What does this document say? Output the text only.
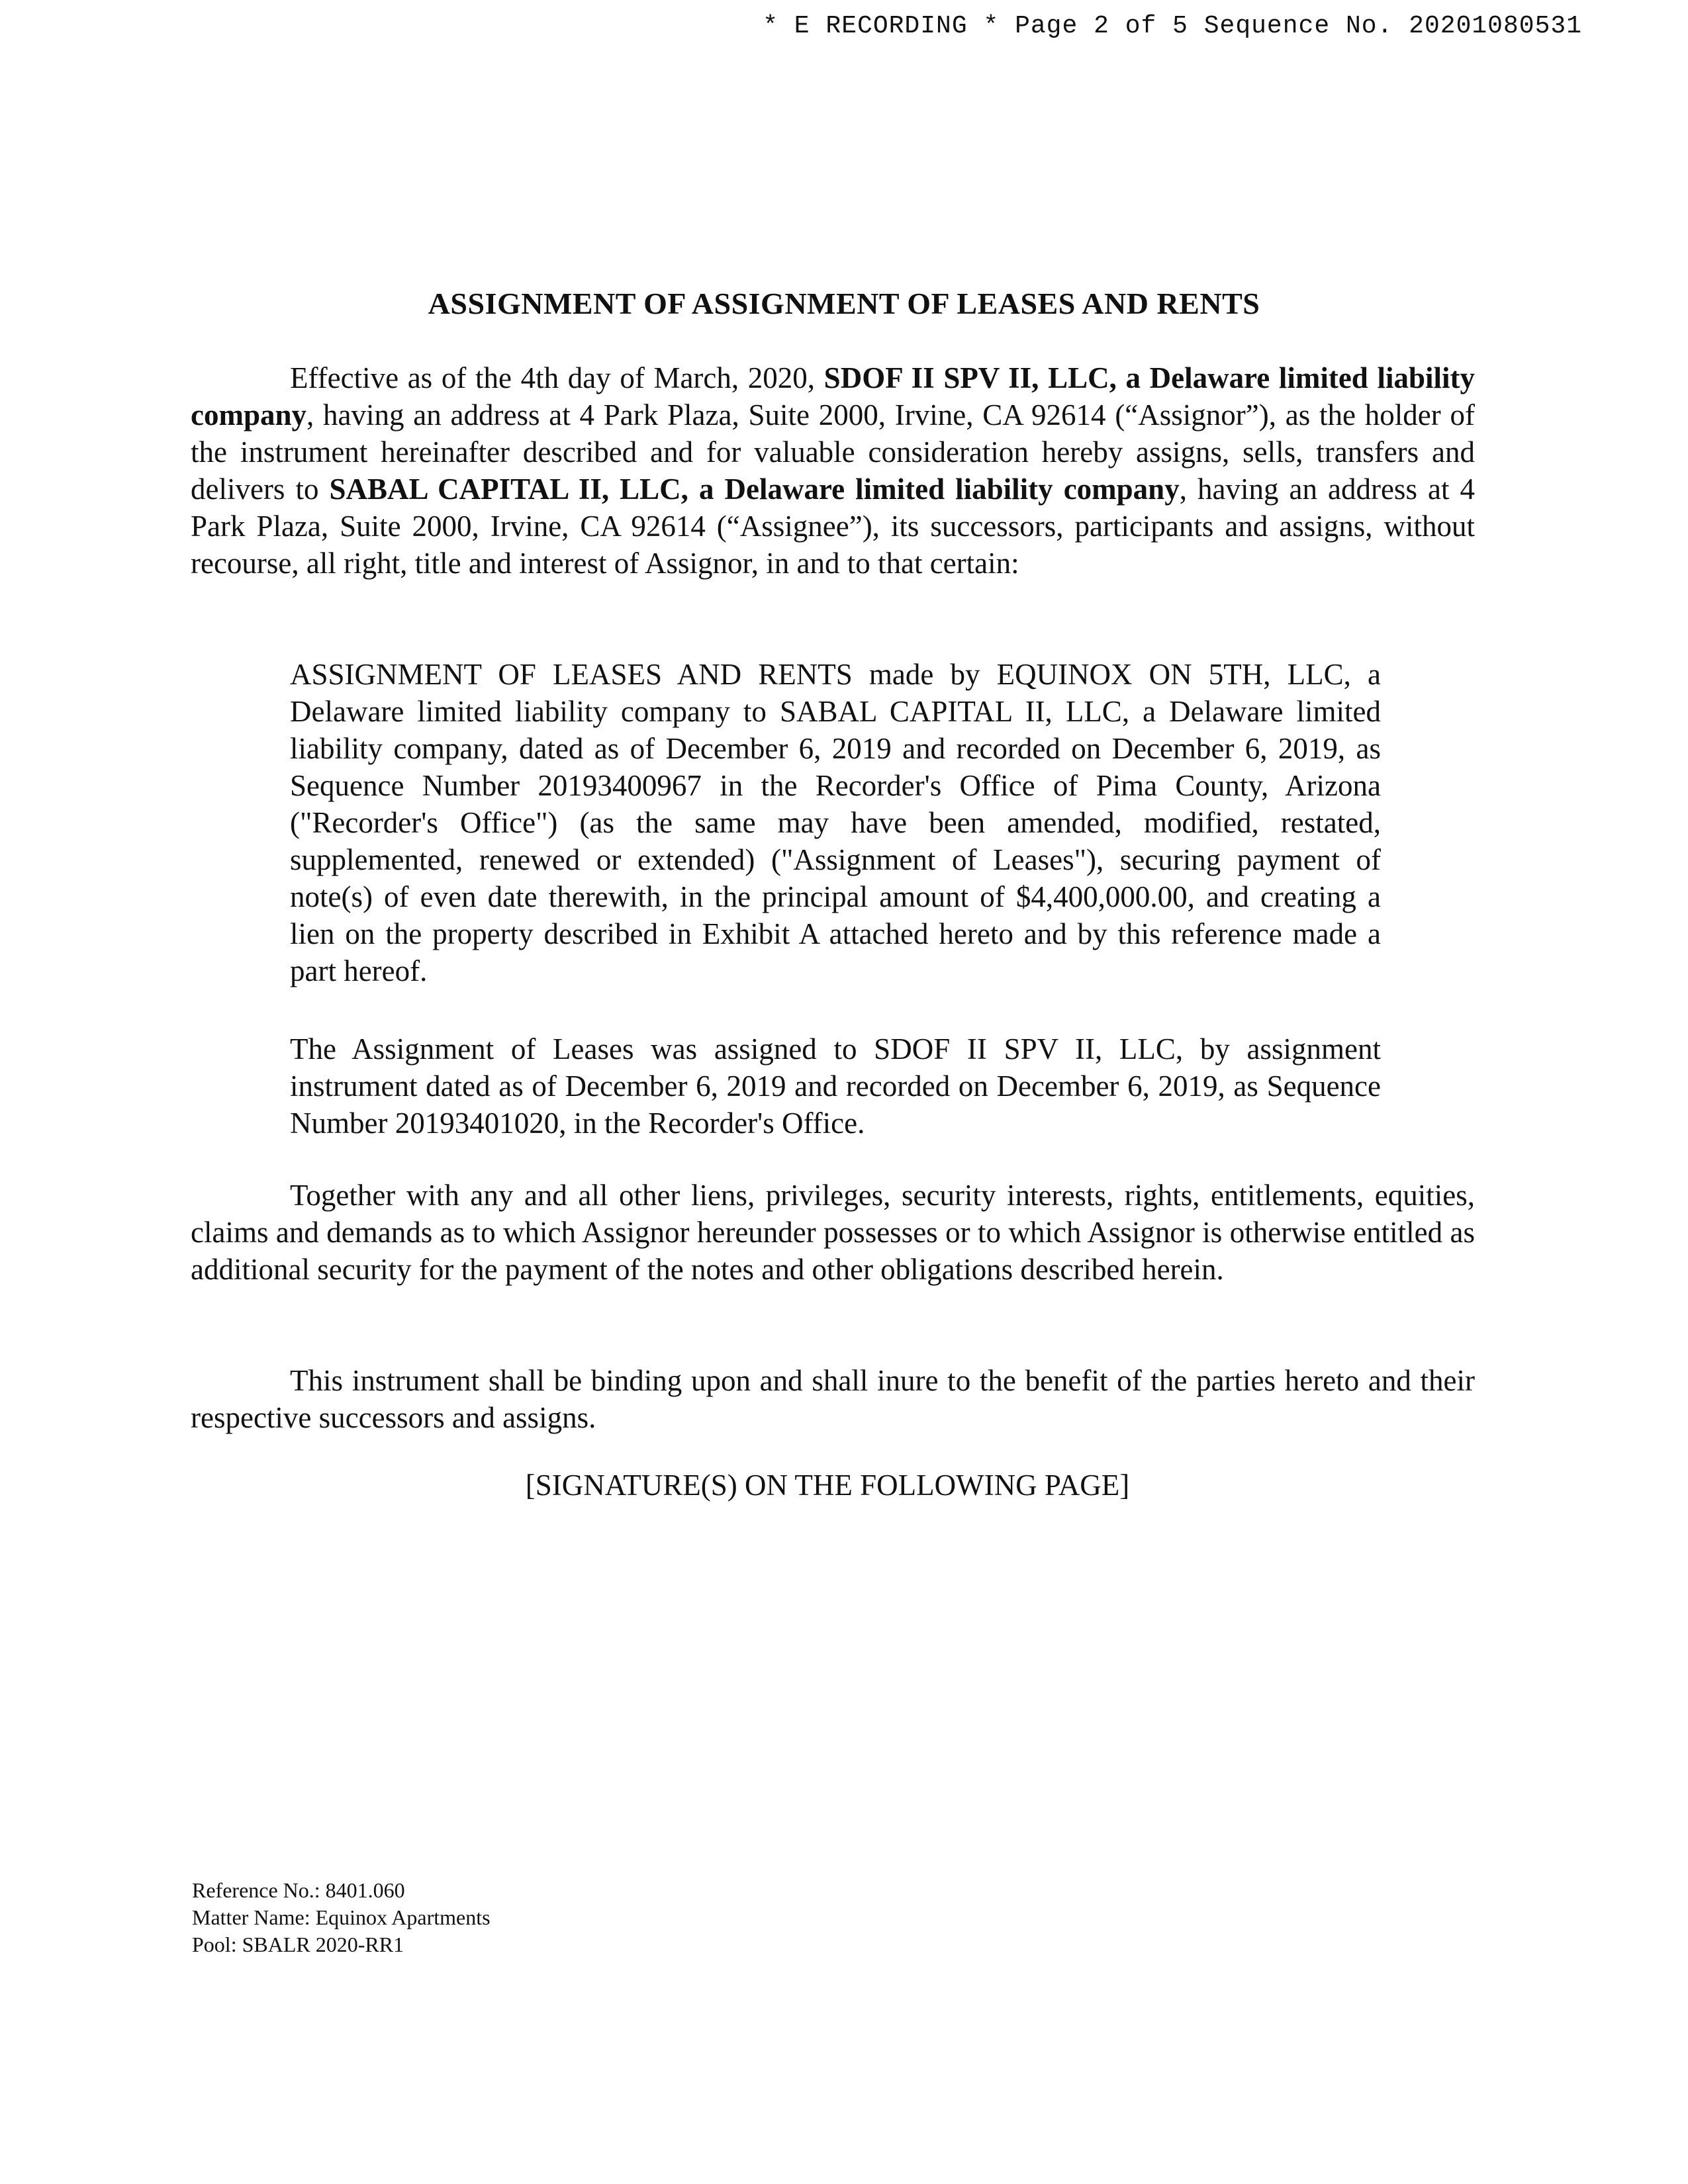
* E RECORDING * Page 2 of 5 Sequence No. 20201080531
ASSIGNMENT OF ASSIGNMENT OF LEASES AND RENTS

Effective as of the 4th day of March, 2020, SDOF II SPV II, LLC, a Delaware limited liability company, having an address at 4 Park Plaza, Suite 2000, Irvine, CA 92614 (“Assignor”), as the holder of the instrument hereinafter described and for valuable consideration hereby assigns, sells, transfers and delivers to SABAL CAPITAL II, LLC, a Delaware limited liability company, having an address at 4 Park Plaza, Suite 2000, Irvine, CA 92614 (“Assignee”), its successors, participants and assigns, without recourse, all right, title and interest of Assignor, in and to that certain:

ASSIGNMENT OF LEASES AND RENTS made by EQUINOX ON 5TH, LLC, a Delaware limited liability company to SABAL CAPITAL II, LLC, a Delaware limited liability company, dated as of December 6, 2019 and recorded on December 6, 2019, as Sequence Number 20193400967 in the Recorder's Office of Pima County, Arizona ("Recorder's Office") (as the same may have been amended, modified, restated, supplemented, renewed or extended) ("Assignment of Leases"), securing payment of note(s) of even date therewith, in the principal amount of $4,400,000.00, and creating a lien on the property described in Exhibit A attached hereto and by this reference made a part hereof.

The Assignment of Leases was assigned to SDOF II SPV II, LLC, by assignment instrument dated as of December 6, 2019 and recorded on December 6, 2019, as Sequence Number 20193401020, in the Recorder's Office.

Together with any and all other liens, privileges, security interests, rights, entitlements, equities, claims and demands as to which Assignor hereunder possesses or to which Assignor is otherwise entitled as additional security for the payment of the notes and other obligations described herein.

This instrument shall be binding upon and shall inure to the benefit of the parties hereto and their respective successors and assigns.

[SIGNATURE(S) ON THE FOLLOWING PAGE]
Reference No.: 8401.060
Matter Name: Equinox Apartments
Pool: SBALR 2020-RR1
